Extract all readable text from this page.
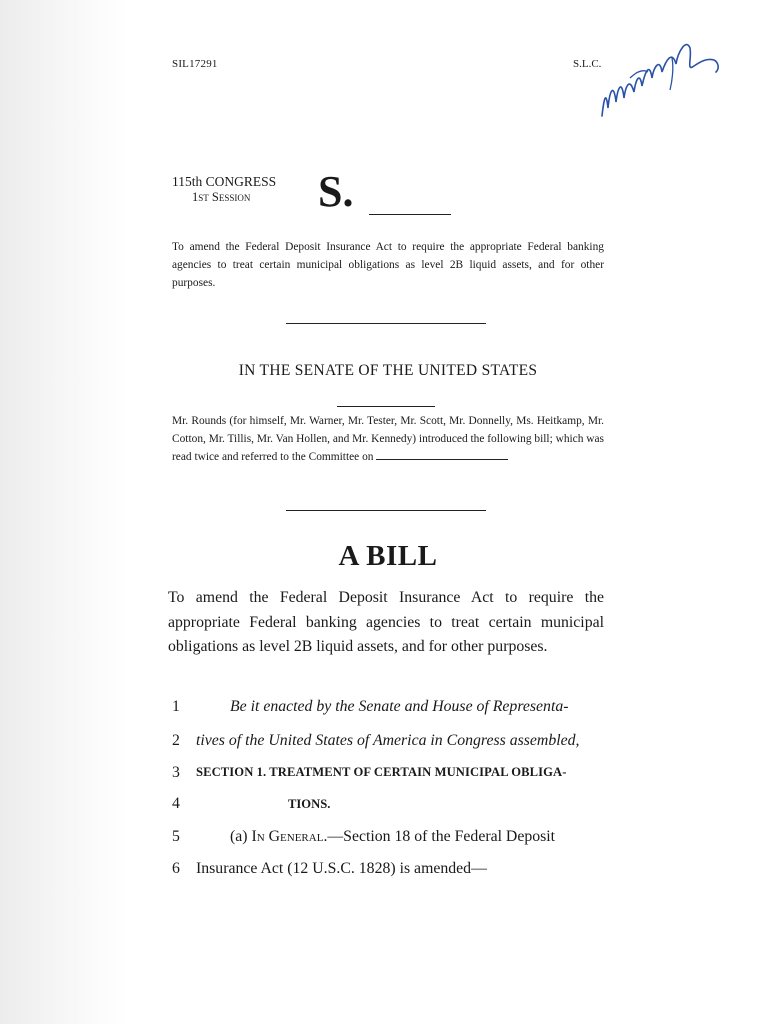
SIL17291	S.L.C.
115th CONGRESS
1st Session S.
To amend the Federal Deposit Insurance Act to require the appropriate Federal banking agencies to treat certain municipal obligations as level 2B liquid assets, and for other purposes.
IN THE SENATE OF THE UNITED STATES
Mr. Rounds (for himself, Mr. Warner, Mr. Tester, Mr. Scott, Mr. Donnelly, Ms. Heitkamp, Mr. Cotton, Mr. Tillis, Mr. Van Hollen, and Mr. Kennedy) introduced the following bill; which was read twice and referred to the Committee on
A BILL
To amend the Federal Deposit Insurance Act to require the appropriate Federal banking agencies to treat certain municipal obligations as level 2B liquid assets, and for other purposes.
1	Be it enacted by the Senate and House of Representa-
2 tives of the United States of America in Congress assembled,
3 SECTION 1. TREATMENT OF CERTAIN MUNICIPAL OBLIGA-
4	TIONS.
5	(a) In General.—Section 18 of the Federal Deposit
6 Insurance Act (12 U.S.C. 1828) is amended—
